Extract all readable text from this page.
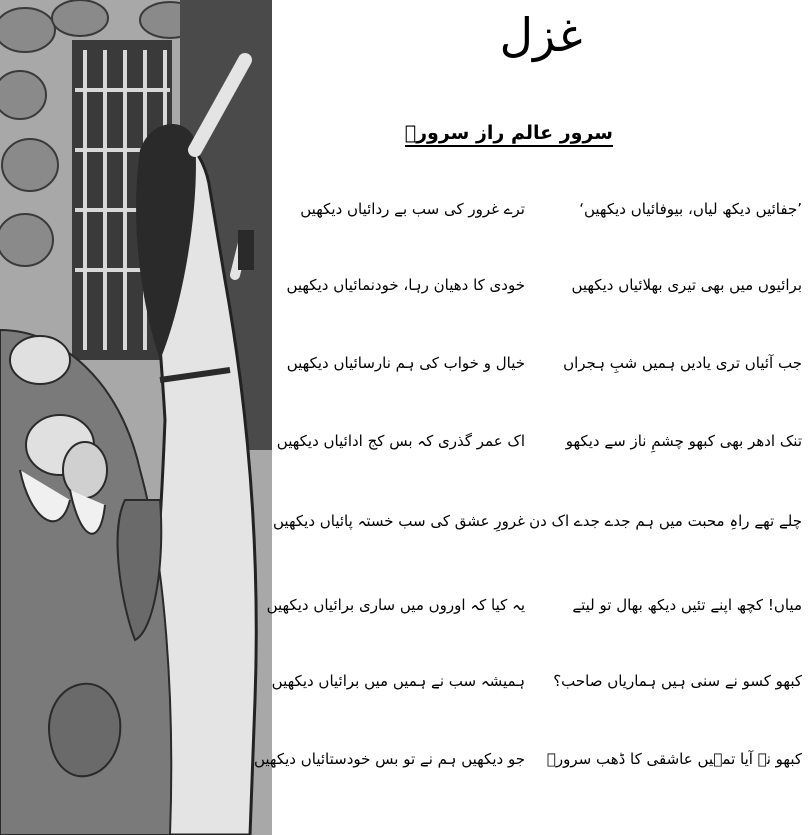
غزل
سرور عالم راز سرورؔ
’جفائیں دیکھ لیاں، بیوفائیاں دیکھیں‘
ترے غرور کی سب بے ردائیاں دیکھیں
برائیوں میں بھی تیری بھلائیاں دیکھیں
خودی کا دھیان رہا، خودنمائیاں دیکھیں
جب آئیاں تری یادیں ہمیں شبِ ہجراں
خیال و خواب کی ہم نارسائیاں دیکھیں
تنک ادھر بھی کبھو چشمِ ناز سے دیکھو
اک عمر گذری کہ بس کج ادائیاں دیکھیں
چلے تھے راہِ محبت میں ہم جدے جدے اک دن
غرورِ عشق کی سب خستہ پائیاں دیکھیں
میاں! کچھ اپنے تئیں دیکھ بھال تو لیتے
یہ کیا کہ اوروں میں ساری برائیاں دیکھیں
کبھو کسو نے سنی ہیں ہماریاں صاحب؟
ہمیشہ سب نے ہمیں میں برائیاں دیکھیں
کبھو نہ آیا تمہیں عاشقی کا ڈھب سرورؔ
جو دیکھیں ہم نے تو بس خودستائیاں دیکھیں
